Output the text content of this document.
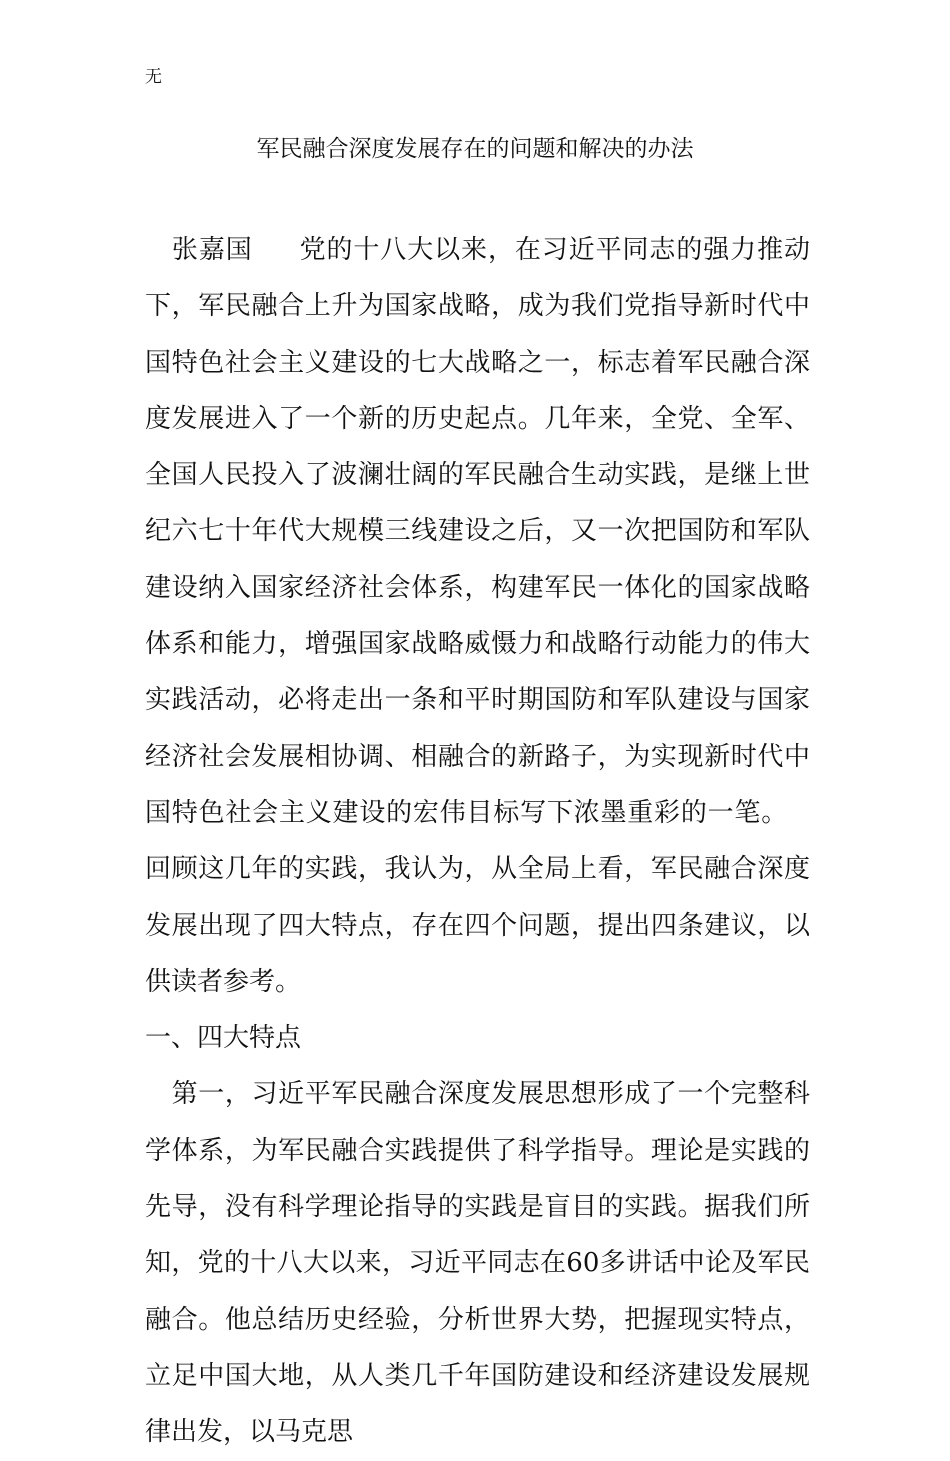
无
军民融合深度发展存在的问题和解决的办法

张嘉国 党的十八大以来，在习近平同志的强力推动下，军民融合上升为国家战略，成为我们党指导新时代中国特色社会主义建设的七大战略之一，标志着军民融合深度发展进入了一个新的历史起点。几年来，全党、全军、全国人民投入了波澜壮阔的军民融合生动实践，是继上世纪六七十年代大规模三线建设之后，又一次把国防和军队建设纳入国家经济社会体系，构建军民一体化的国家战略体系和能力，增强国家战略威慑力和战略行动能力的伟大实践活动，必将走出一条和平时期国防和军队建设与国家经济社会发展相协调、相融合的新路子，为实现新时代中国特色社会主义建设的宏伟目标写下浓墨重彩的一笔。回顾这几年的实践，我认为，从全局上看，军民融合深度发展出现了四大特点，存在四个问题，提出四条建议，以供读者参考。

一、四大特点

第一，习近平军民融合深度发展思想形成了一个完整科学体系，为军民融合实践提供了科学指导。理论是实践的先导，没有科学理论指导的实践是盲目的实践。据我们所知，党的十八大以来，习近平同志在60多讲话中论及军民融合。他总结历史经验，分析世界大势，把握现实特点，立足中国大地，从人类几千年国防建设和经济建设发展规律出发，以马克思
